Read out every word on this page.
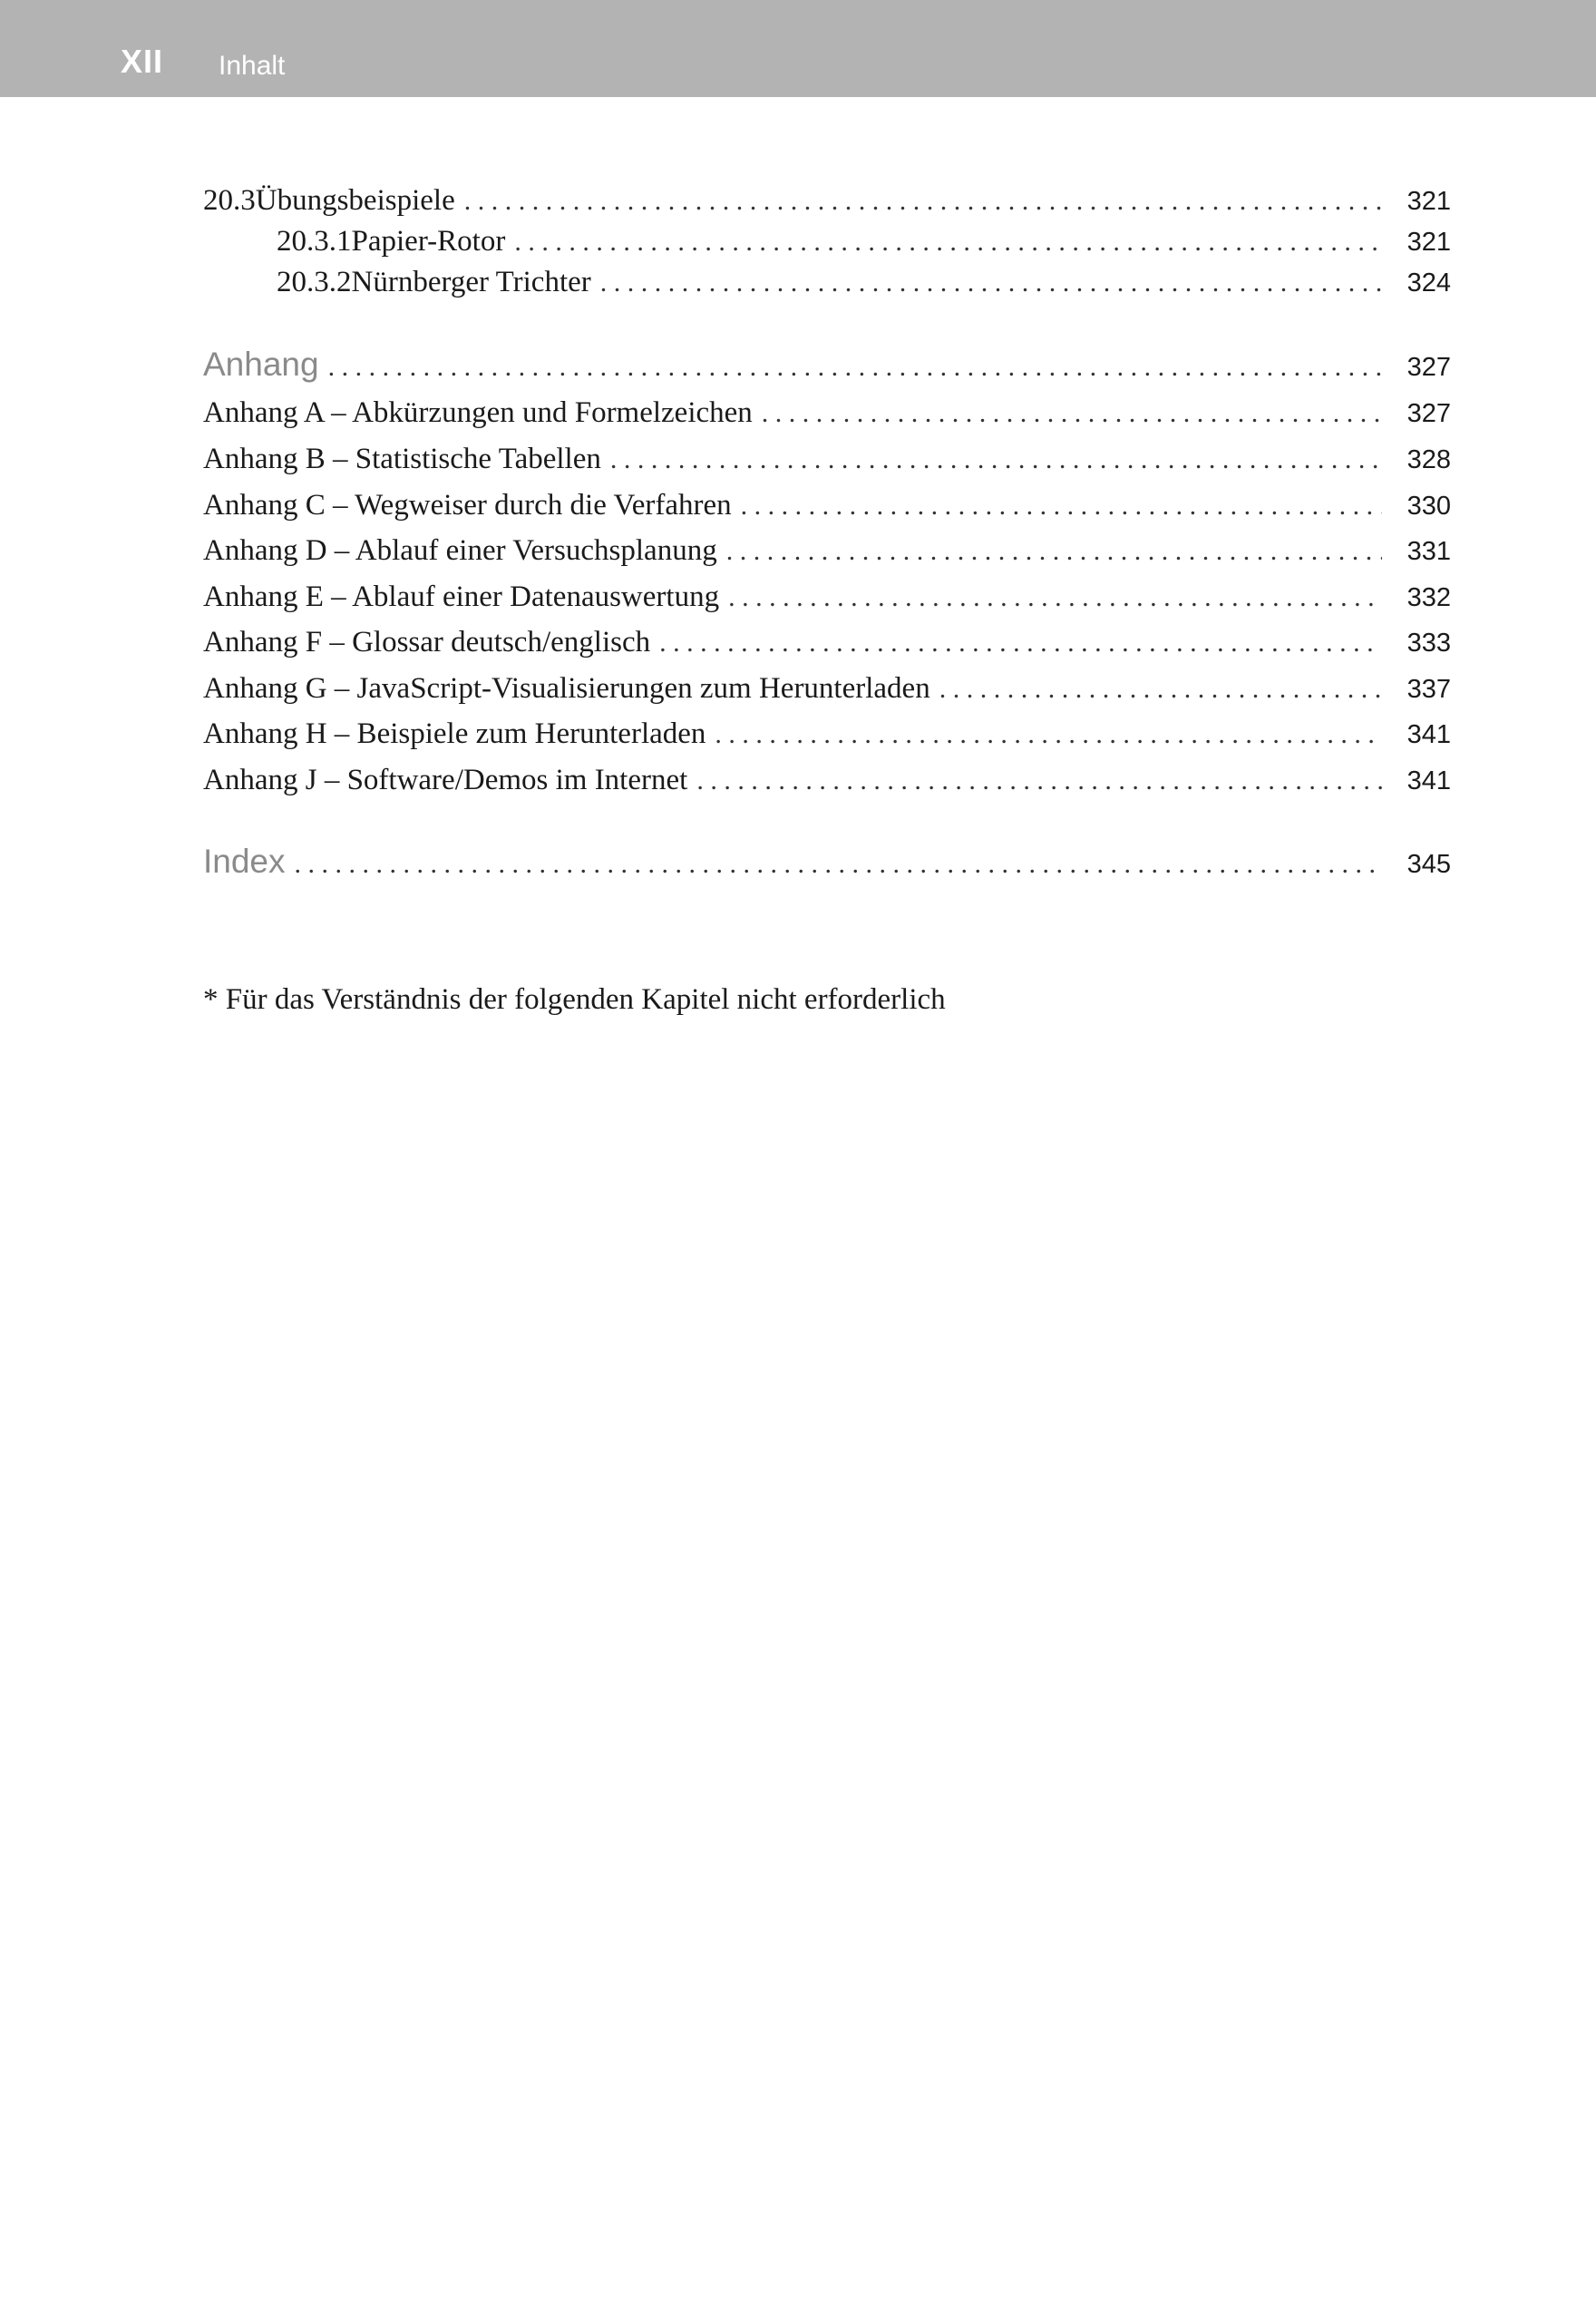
XII Inhalt
20.3 Übungsbeispiele . . .	321
20.3.1 Papier-Rotor . . .	321
20.3.2 Nürnberger Trichter . . .	324
Anhang . . .	327
Anhang A – Abkürzungen und Formelzeichen . . .	327
Anhang B – Statistische Tabellen . . .	328
Anhang C – Wegweiser durch die Verfahren . . .	330
Anhang D – Ablauf einer Versuchsplanung . . .	331
Anhang E – Ablauf einer Datenauswertung . . .	332
Anhang F – Glossar deutsch/englisch . . .	333
Anhang G – JavaScript-Visualisierungen zum Herunterladen . . .	337
Anhang H – Beispiele zum Herunterladen . . .	341
Anhang J – Software/Demos im Internet . . .	341
Index . . .	345
* Für das Verständnis der folgenden Kapitel nicht erforderlich
